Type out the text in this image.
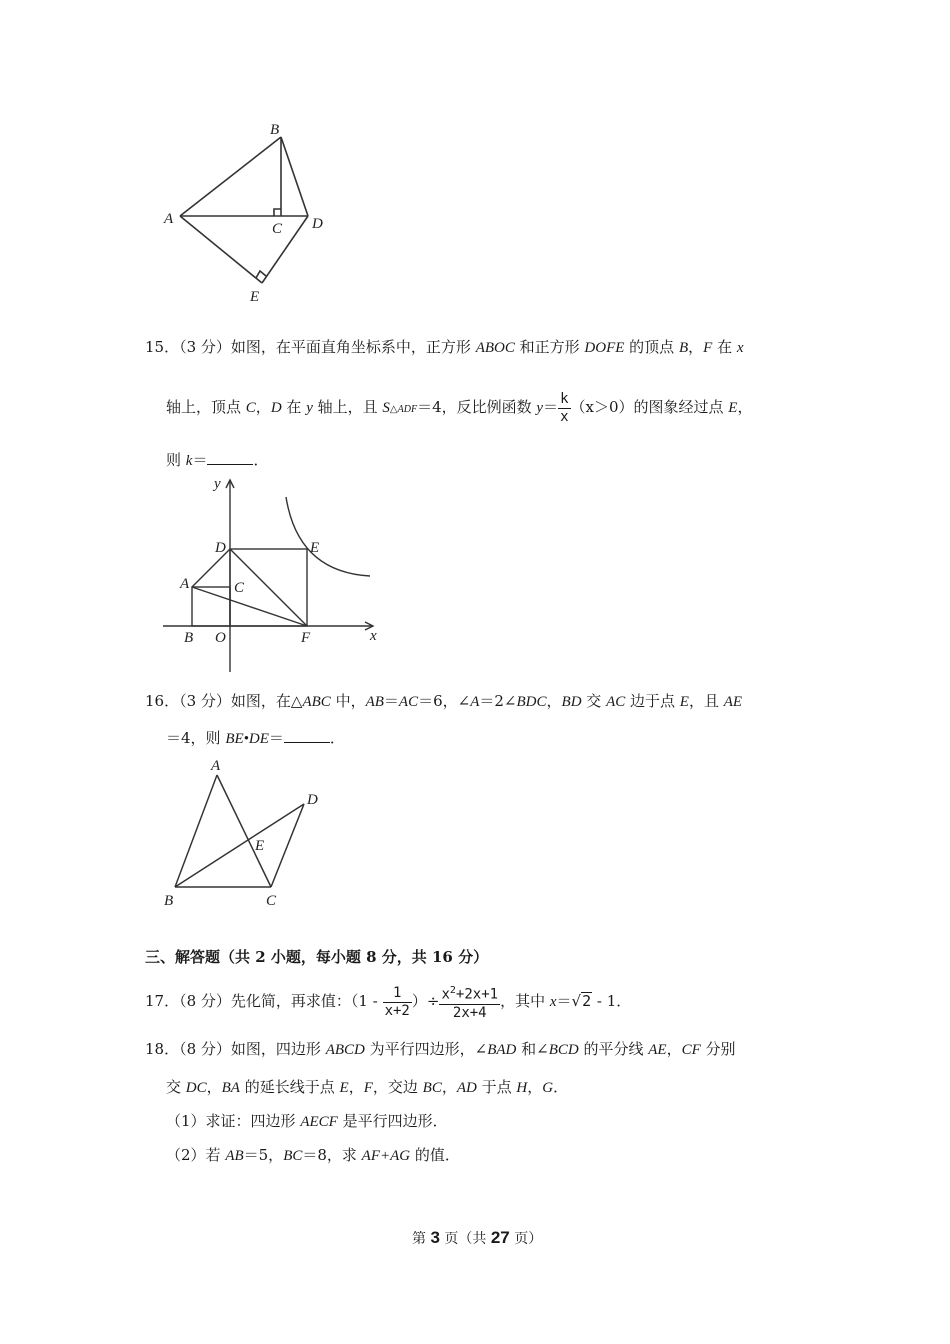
B
A
C D
E
15．（3 分）如图，在平面直角坐标系中，正方形 ABOC 和正方形 DOFE 的顶点 B，F 在 x
轴上，顶点 C，D 在 y 轴上，且 S△ADF＝4，反比例函数 $y= \frac{k}{x} (x>0)$的图象经过点 E，
则 k＝	．
y
x
D	E
A	C
B O	F
16．（3 分）如图，在△ABC 中，AB＝AC＝6，∠A＝2∠BDC，BD 交 AC 边于点 E，且 AE
＝4，则 BE•DE＝	．
A
D
E
B	C
三、解答题（共 2 小题，每小题 8 分，共 16 分）
17．（8 分）先化简，再求值：（$1 - \frac{1}{x+2}$ ）÷ $\frac{x^2+2x+1}{2x+4}$ ，其中 x＝√2 - 1．
18．（8 分）如图，四边形 ABCD 为平行四边形，∠BAD 和∠BCD 的平分线 AE，CF 分别
交 DC，BA 的延长线于点 E，F，交边 BC，AD 于点 H，G．
（1）求证：四边形 AECF 是平行四边形．
（2）若 AB＝5，BC＝8，求 AF+AG 的值．
第 3 页（共 27 页）
